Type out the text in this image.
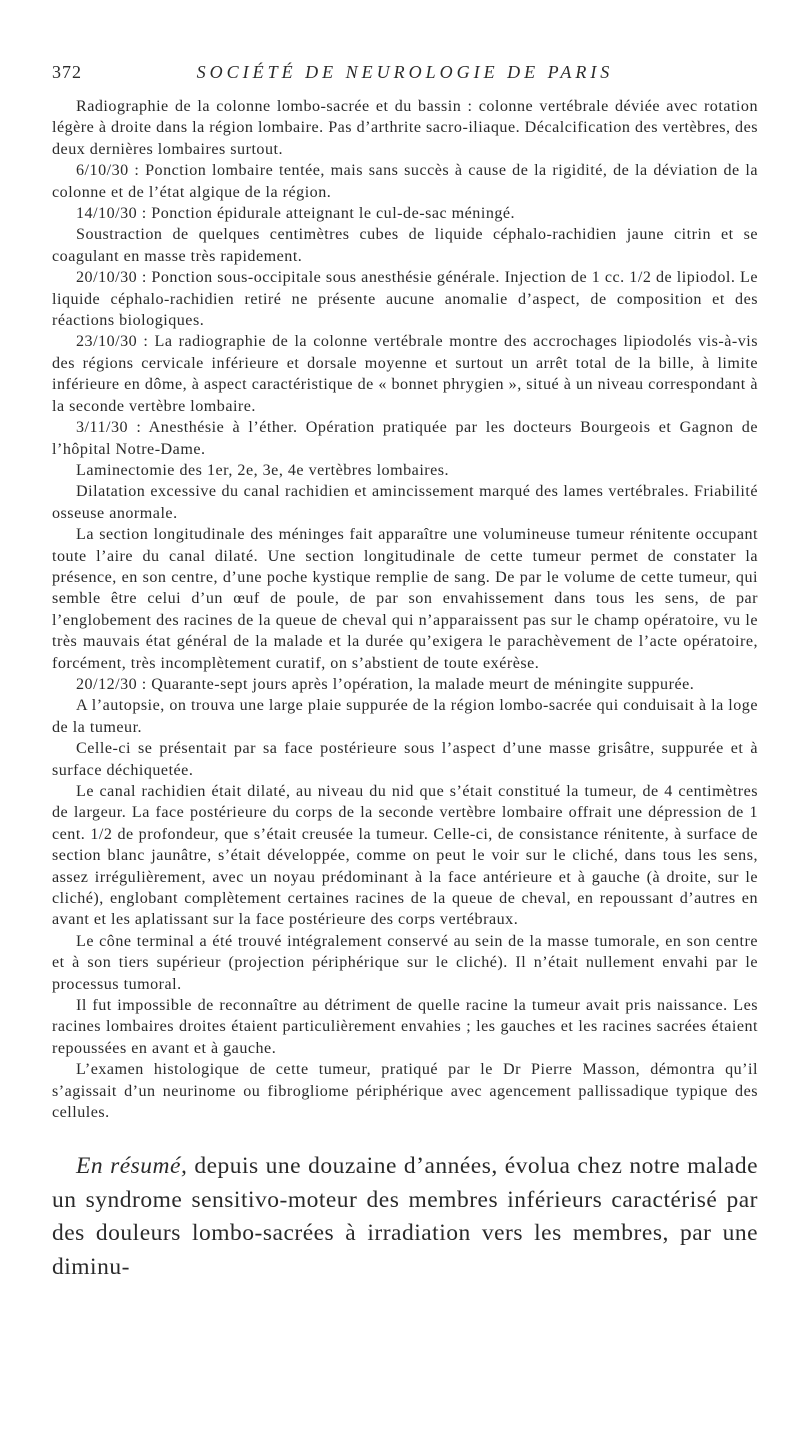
372	SOCIÉTÉ DE NEUROLOGIE DE PARIS

Radiographie de la colonne lombo-sacrée et du bassin : colonne vertébrale déviée avec rotation légère à droite dans la région lombaire. Pas d’arthrite sacro-iliaque. Décalcification des vertèbres, des deux dernières lombaires surtout.

6/10/30 : Ponction lombaire tentée, mais sans succès à cause de la rigidité, de la déviation de la colonne et de l’état algique de la région.

14/10/30 : Ponction épidurale atteignant le cul-de-sac méningé.

Soustraction de quelques centimètres cubes de liquide céphalo-rachidien jaune citrin et se coagulant en masse très rapidement.

20/10/30 : Ponction sous-occipitale sous anesthésie générale. Injection de 1 cc. 1/2 de lipiodol. Le liquide céphalo-rachidien retiré ne présente aucune anomalie d’aspect, de composition et des réactions biologiques.

23/10/30 : La radiographie de la colonne vertébrale montre des accrochages lipiodolés vis-à-vis des régions cervicale inférieure et dorsale moyenne et surtout un arrêt total de la bille, à limite inférieure en dôme, à aspect caractéristique de « bonnet phrygien », situé à un niveau correspondant à la seconde vertèbre lombaire.

3/11/30 : Anesthésie à l’éther. Opération pratiquée par les docteurs Bourgeois et Gagnon de l’hôpital Notre-Dame.

Laminectomie des 1er, 2e, 3e, 4e vertèbres lombaires.

Dilatation excessive du canal rachidien et amincissement marqué des lames vertébrales. Friabilité osseuse anormale.

La section longitudinale des méninges fait apparaître une volumineuse tumeur rénitente occupant toute l’aire du canal dilaté. Une section longitudinale de cette tumeur permet de constater la présence, en son centre, d’une poche kystique remplie de sang. De par le volume de cette tumeur, qui semble être celui d’un œuf de poule, de par son envahissement dans tous les sens, de par l’englobement des racines de la queue de cheval qui n’apparaissent pas sur le champ opératoire, vu le très mauvais état général de la malade et la durée qu’exigera le parachèvement de l’acte opératoire, forcément, très incomplètement curatif, on s’abstient de toute exérèse.

20/12/30 : Quarante-sept jours après l’opération, la malade meurt de méningite suppurée.

A l’autopsie, on trouva une large plaie suppurée de la région lombo-sacrée qui conduisait à la loge de la tumeur.

Celle-ci se présentait par sa face postérieure sous l’aspect d’une masse grisâtre, suppurée et à surface déchiquetée.

Le canal rachidien était dilaté, au niveau du nid que s’était constitué la tumeur, de 4 centimètres de largeur. La face postérieure du corps de la seconde vertèbre lombaire offrait une dépression de 1 cent. 1/2 de profondeur, que s’était creusée la tumeur. Celle-ci, de consistance rénitente, à surface de section blanc jaunâtre, s’était développée, comme on peut le voir sur le cliché, dans tous les sens, assez irrégulièrement, avec un noyau prédominant à la face antérieure et à gauche (à droite, sur le cliché), englobant complètement certaines racines de la queue de cheval, en repoussant d’autres en avant et les aplatissant sur la face postérieure des corps vertébraux.

Le cône terminal a été trouvé intégralement conservé au sein de la masse tumorale, en son centre et à son tiers supérieur (projection périphérique sur le cliché). Il n’était nullement envahi par le processus tumoral.

Il fut impossible de reconnaître au détriment de quelle racine la tumeur avait pris naissance. Les racines lombaires droites étaient particulièrement envahies ; les gauches et les racines sacrées étaient repoussées en avant et à gauche.

L’examen histologique de cette tumeur, pratiqué par le Dr Pierre Masson, démontra qu’il s’agissait d’un neurinome ou fibrogliome périphérique avec agencement pallissadique typique des cellules.

En résumé, depuis une douzaine d’années, évolua chez notre malade un syndrome sensitivo-moteur des membres inférieurs caractérisé par des douleurs lombo-sacrées à irradiation vers les membres, par une diminu-
